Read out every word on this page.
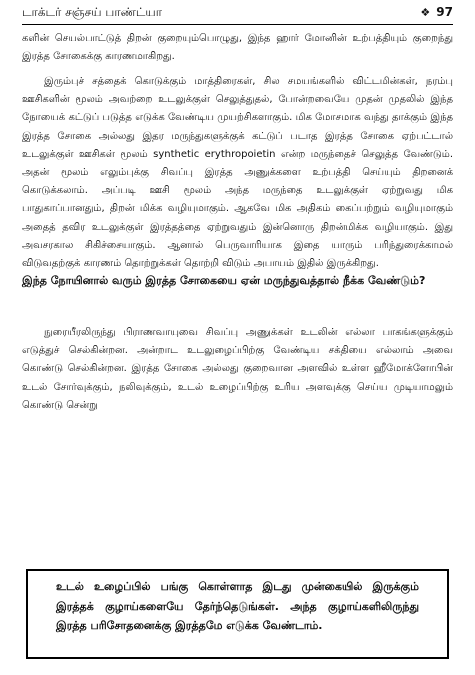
டாக்டர் சஞ்சய் பாண்ட்யா	❖ 97
களின் செயல்பாட்டுத் திறன் குறையும்பொழுது, இந்த ஹார் மோனின் உற்பத்தியும் குறைந்து இரத்த சோகைக்கு காரணமாகிறது.
இரும்புச் சத்தைக் கொடுக்கும் மாத்திரைகள், சில சமயங்களில் விட்டமின்கள், நரம்பு ஊசிகளின் மூலம் அவற்றை உடலுக்குள் செலுத்துதல், போன்றவையே முதன் முதலில் இந்த நோயைக் கட்டுப் படுத்த எடுக்க வேண்டிய முயற்சிகளாகும். மிக மோசமாக வந்து தாக்கும் இந்த இரத்த சோகை அல்லது இதர மருந்துகளுக்குக் கட்டுப் படாத இரத்த சோகை ஏற்பட்டால் உடலுக்குள் ஊசிகள் மூலம் synthetic erythropoietin என்ற மருந்தைச் செலுத்த வேண்டும். அதன் மூலம் எலும்புக்கு சிவப்பு இரத்த அணுக்களை உற்பத்தி செய்யும் திறனைக் கொடுக்கலாம். அப்படி ஊசி மூலம் அந்த மருந்தை உடலுக்குள் ஏற்றுவது மிக பாதுகாப்பானதும், திறன் மிக்க வழியுமாகும். ஆகவே மிக அதிகம் கைப்பற்றும் வழியுமாகும் அதைத் தவிர உடலுக்குள் இரத்தத்தை ஏற்றுவதும் இன்னொரு திறன்மிக்க வழியாகும். இது அவசரகால சிகிச்சையாகும். ஆனால் பெருவாரியாக இதை யாரும் பரிந்துரைக்காமல் விடுவதற்குக் காரணம் தொற்றுக்கள் தொற்றி விடும் அபாயம் இதில் இருக்கிறது.
இந்த நோயினால் வரும் இரத்த சோகையை ஏன் மருந்துவத்தால் நீக்க வேண்டும்?
நுரையீரலிருந்து பிராணவாயுவை சிவப்பு அணுக்கள் உடலின் எல்லா பாகங்களுக்கும் எடுத்துச் செல்கின்றன. அன்றாட உடலுழைப்பிற்கு வேண்டிய சக்தியை எல்லாம் அவை கொண்டு செல்கின்றன. இரத்த சோகை அல்லது குறைவான அளவில் உள்ள ஹீமோக்ளோபின் உடல் சோர்வுக்கும், நலிவுக்கும், உடல் உழைப்பிற்கு உரிய அளவுக்கு செய்ய முடியாமலும் கொண்டு சென்று
உடல் உழைப்பில் பங்கு கொள்ளாத இடது முன்கையில் இருக்கும் இரத்தக் குழாய்களையே தேர்ந்தெடுங்கள். அந்த குழாய்களிலிருந்து இரத்த பரிசோதனைக்கு இரத்தமே எடுக்க வேண்டாம்.
